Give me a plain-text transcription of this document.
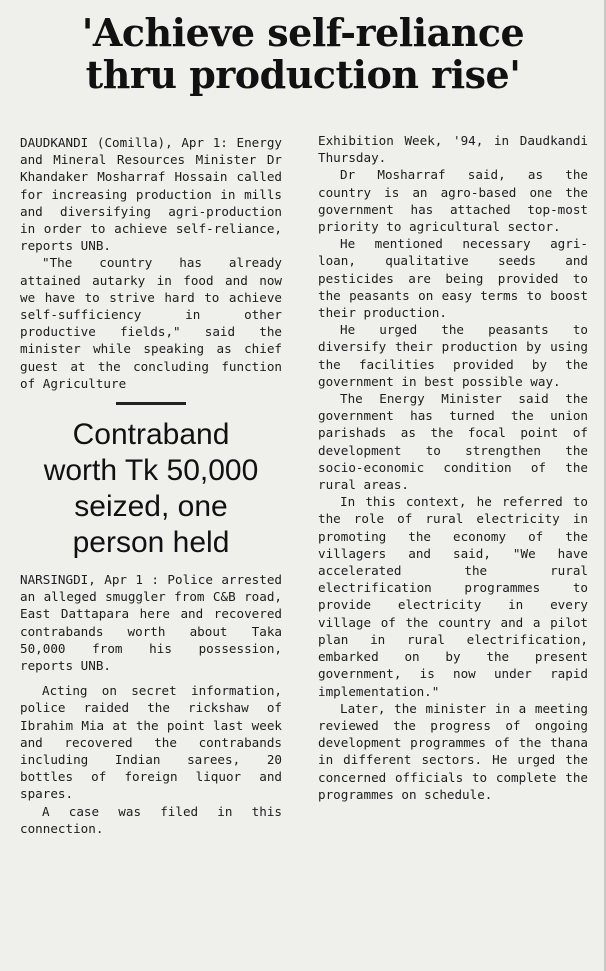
'Achieve self-reliance
thru production rise'

DAUDKANDI (Comilla), Apr 1: Energy and Mineral Resources Minister Dr Khandaker Mosharraf Hossain called for increasing production in mills and diversifying agri-production in order to achieve self-reliance, reports UNB.

"The country has already attained autarky in food and now we have to strive hard to achieve self-sufficiency in other productive fields," said the minister while speaking as chief guest at the concluding function of Agriculture

Contraband
worth Tk 50,000
seized, one
person held

NARSINGDI, Apr 1 : Police arrested an alleged smuggler from C&B road, East Dattapara here and recovered contrabands worth about Taka 50,000 from his possession, reports UNB.

Acting on secret information, police raided the rickshaw of Ibrahim Mia at the point last week and recovered the contrabands including Indian sarees, 20 bottles of foreign liquor and spares.

A case was filed in this connection.

Exhibition Week, '94, in Daudkandi Thursday.

Dr Mosharraf said, as the country is an agro-based one the government has attached top-most priority to agricultural sector.

He mentioned necessary agri-loan, qualitative seeds and pesticides are being provided to the peasants on easy terms to boost their production.

He urged the peasants to diversify their production by using the facilities provided by the government in best possible way.

The Energy Minister said the government has turned the union parishads as the focal point of development to strengthen the socio-economic condition of the rural areas.

In this context, he referred to the role of rural electricity in promoting the economy of the villagers and said, "We have accelerated the rural electrification programmes to provide electricity in every village of the country and a pilot plan in rural electrification, embarked on by the present government, is now under rapid implementation."

Later, the minister in a meeting reviewed the progress of ongoing development programmes of the thana in different sectors. He urged the concerned officials to complete the programmes on schedule.
